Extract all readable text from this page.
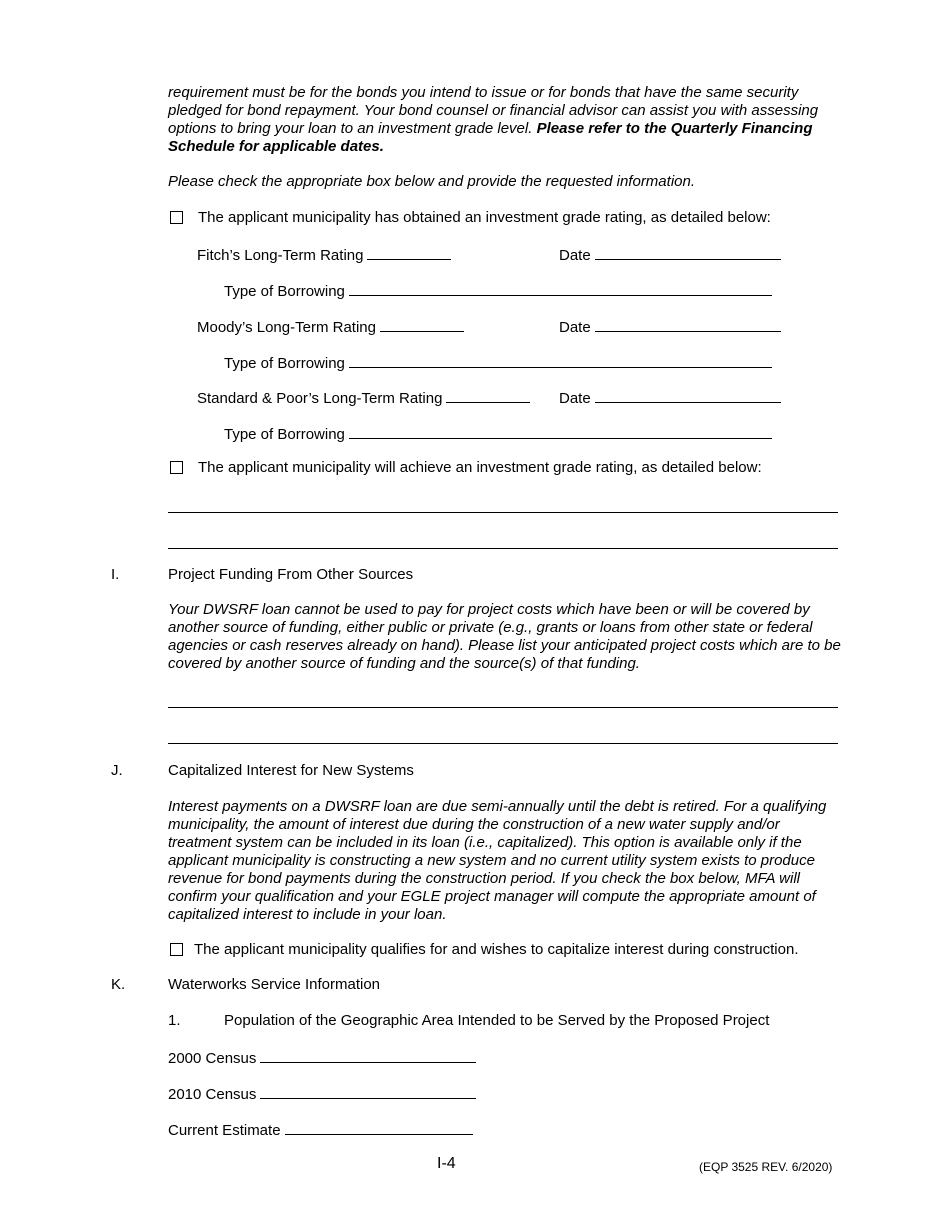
requirement must be for the bonds you intend to issue or for bonds that have the same security pledged for bond repayment. Your bond counsel or financial advisor can assist you with assessing options to bring your loan to an investment grade level. Please refer to the Quarterly Financing Schedule for applicable dates.
Please check the appropriate box below and provide the requested information.
The applicant municipality has obtained an investment grade rating, as detailed below:
Fitch’s Long-Term Rating	Date
Type of Borrowing
Moody’s Long-Term Rating	Date
Type of Borrowing
Standard & Poor’s Long-Term Rating	Date
Type of Borrowing
The applicant municipality will achieve an investment grade rating, as detailed below:
I.	Project Funding From Other Sources
Your DWSRF loan cannot be used to pay for project costs which have been or will be covered by another source of funding, either public or private (e.g., grants or loans from other state or federal agencies or cash reserves already on hand). Please list your anticipated project costs which are to be covered by another source of funding and the source(s) of that funding.
J.	Capitalized Interest for New Systems
Interest payments on a DWSRF loan are due semi-annually until the debt is retired. For a qualifying municipality, the amount of interest due during the construction of a new water supply and/or treatment system can be included in its loan (i.e., capitalized). This option is available only if the applicant municipality is constructing a new system and no current utility system exists to produce revenue for bond payments during the construction period. If you check the box below, MFA will confirm your qualification and your EGLE project manager will compute the appropriate amount of capitalized interest to include in your loan.
The applicant municipality qualifies for and wishes to capitalize interest during construction.
K.	Waterworks Service Information
1.	Population of the Geographic Area Intended to be Served by the Proposed Project
2000 Census
2010 Census
Current Estimate
I-4	(EQP 3525 REV. 6/2020)
